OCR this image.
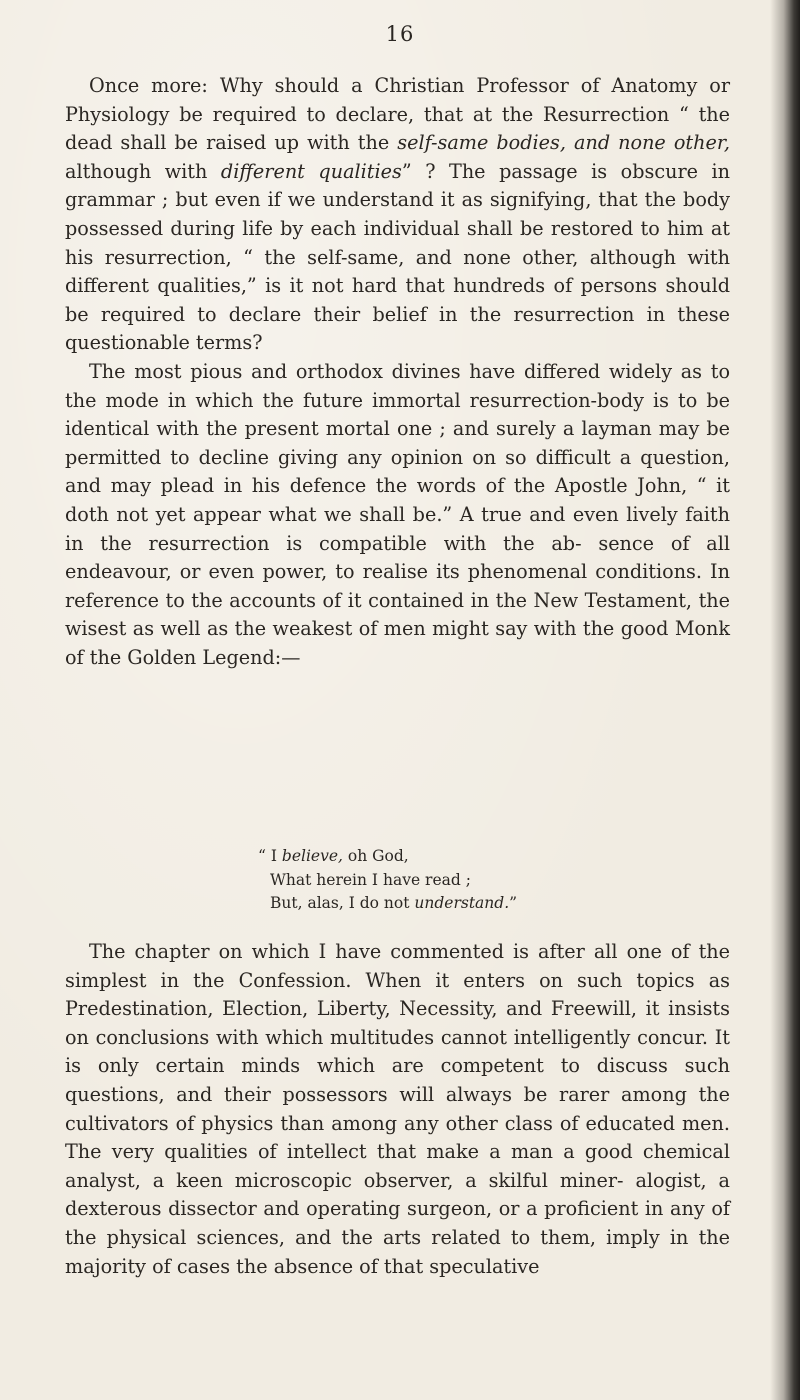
16

Once more: Why should a Christian Professor of Anatomy or Physiology be required to declare, that at the Resurrection “ the dead shall be raised up with the self-same bodies, and none other, although with different qualities” ? The passage is obscure in grammar ; but even if we understand it as signifying, that the body possessed during life by each individual shall be restored to him at his resurrection, “ the self-same, and none other, although with different qualities,” is it not hard that hundreds of persons should be required to declare their belief in the resurrection in these questionable terms?

The most pious and orthodox divines have differed widely as to the mode in which the future immortal resurrection-body is to be identical with the present mortal one ; and surely a layman may be permitted to decline giving any opinion on so difficult a question, and may plead in his defence the words of the Apostle John, “ it doth not yet appear what we shall be.” A true and even lively faith in the resurrection is compatible with the ab- sence of all endeavour, or even power, to realise its phenomenal conditions. In reference to the accounts of it contained in the New Testament, the wisest as well as the weakest of men might say with the good Monk of the Golden Legend:—

“ I believe, oh God,
What herein I have read ;
But, alas, I do not understand.”

The chapter on which I have commented is after all one of the simplest in the Confession. When it enters on such topics as Predestination, Election, Liberty, Necessity, and Freewill, it insists on conclusions with which multitudes cannot intelligently concur. It is only certain minds which are competent to discuss such questions, and their possessors will always be rarer among the cultivators of physics than among any other class of educated men. The very qualities of intellect that make a man a good chemical analyst, a keen microscopic observer, a skilful miner- alogist, a dexterous dissector and operating surgeon, or a proficient in any of the physical sciences, and the arts related to them, imply in the majority of cases the absence of that speculative
